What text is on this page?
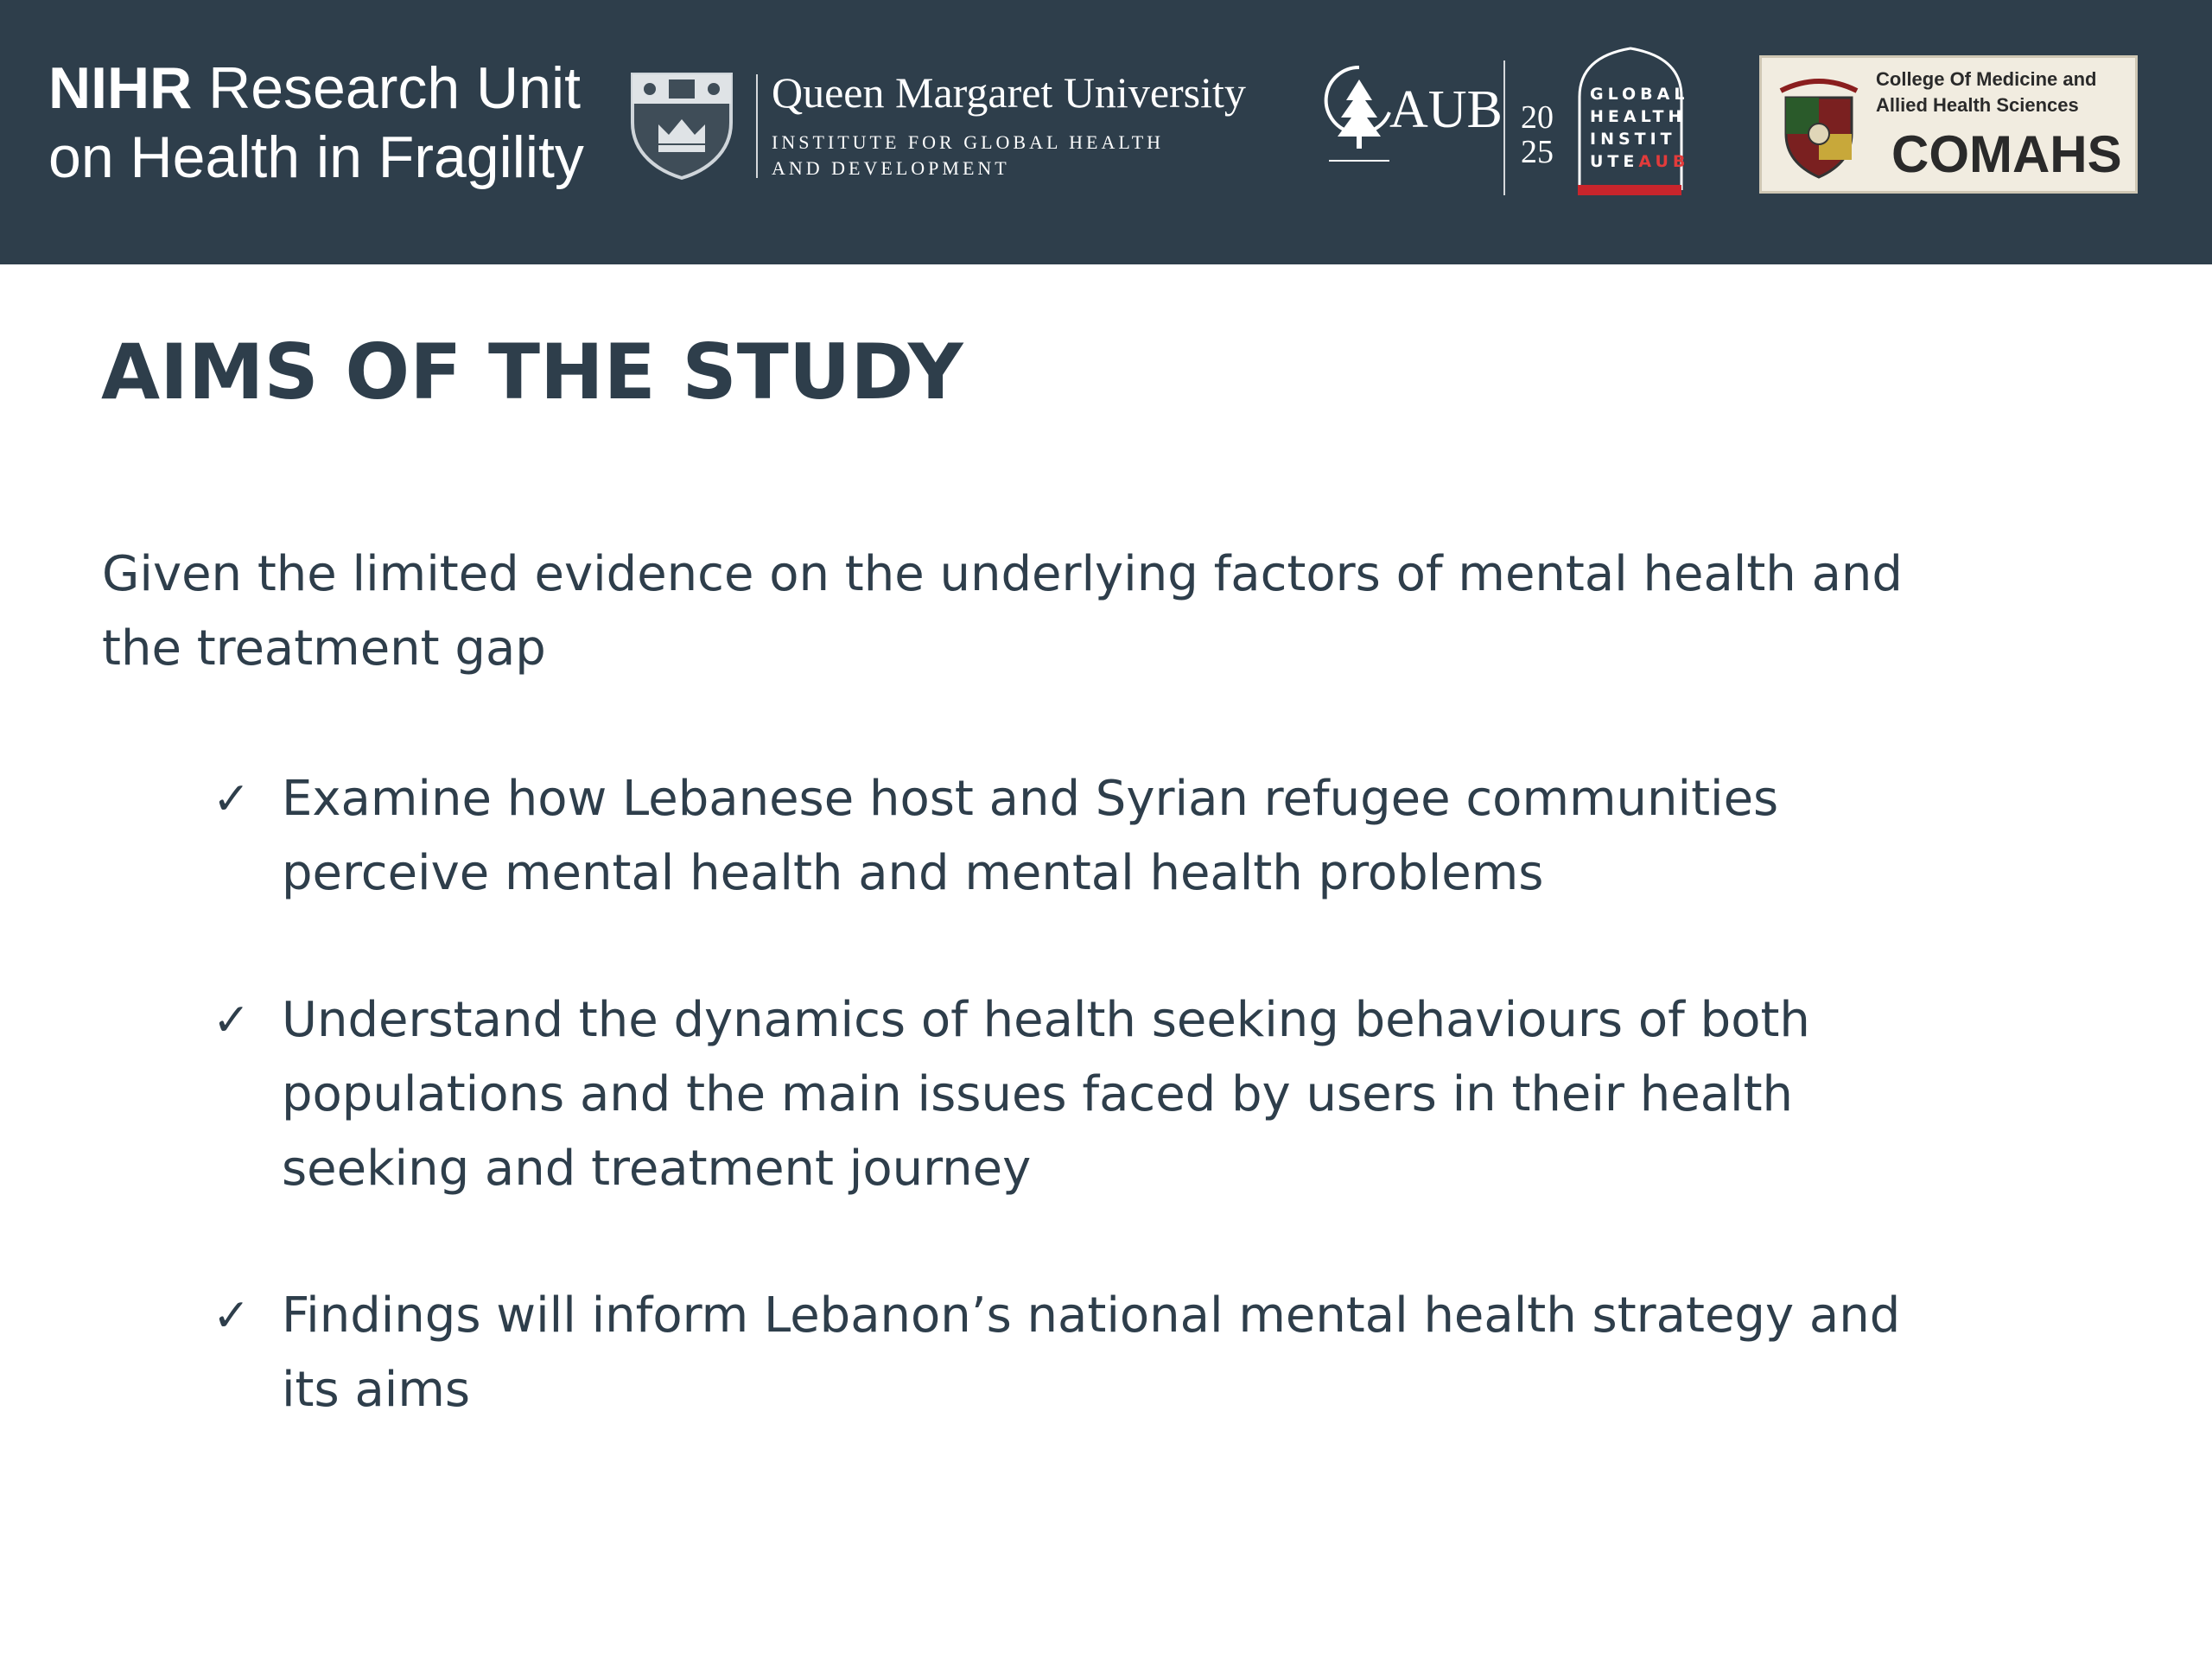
NIHR Research Unit
on Health in Fragility
Queen Margaret University
INSTITUTE FOR GLOBAL HEALTH
AND DEVELOPMENT
AUB 20
25
GLOBAL
HEALTH
INSTIT
UTEAUB
College Of Medicine and
Allied Health Sciences
COMAHS
AIMS OF THE STUDY

Given the limited evidence on the underlying factors of mental health and the treatment gap

✓ Examine how Lebanese host and Syrian refugee communities perceive mental health and mental health problems
✓ Understand the dynamics of health seeking behaviours of both populations and the main issues faced by users in their health seeking and treatment journey
✓ Findings will inform Lebanon’s national mental health strategy and its aims
